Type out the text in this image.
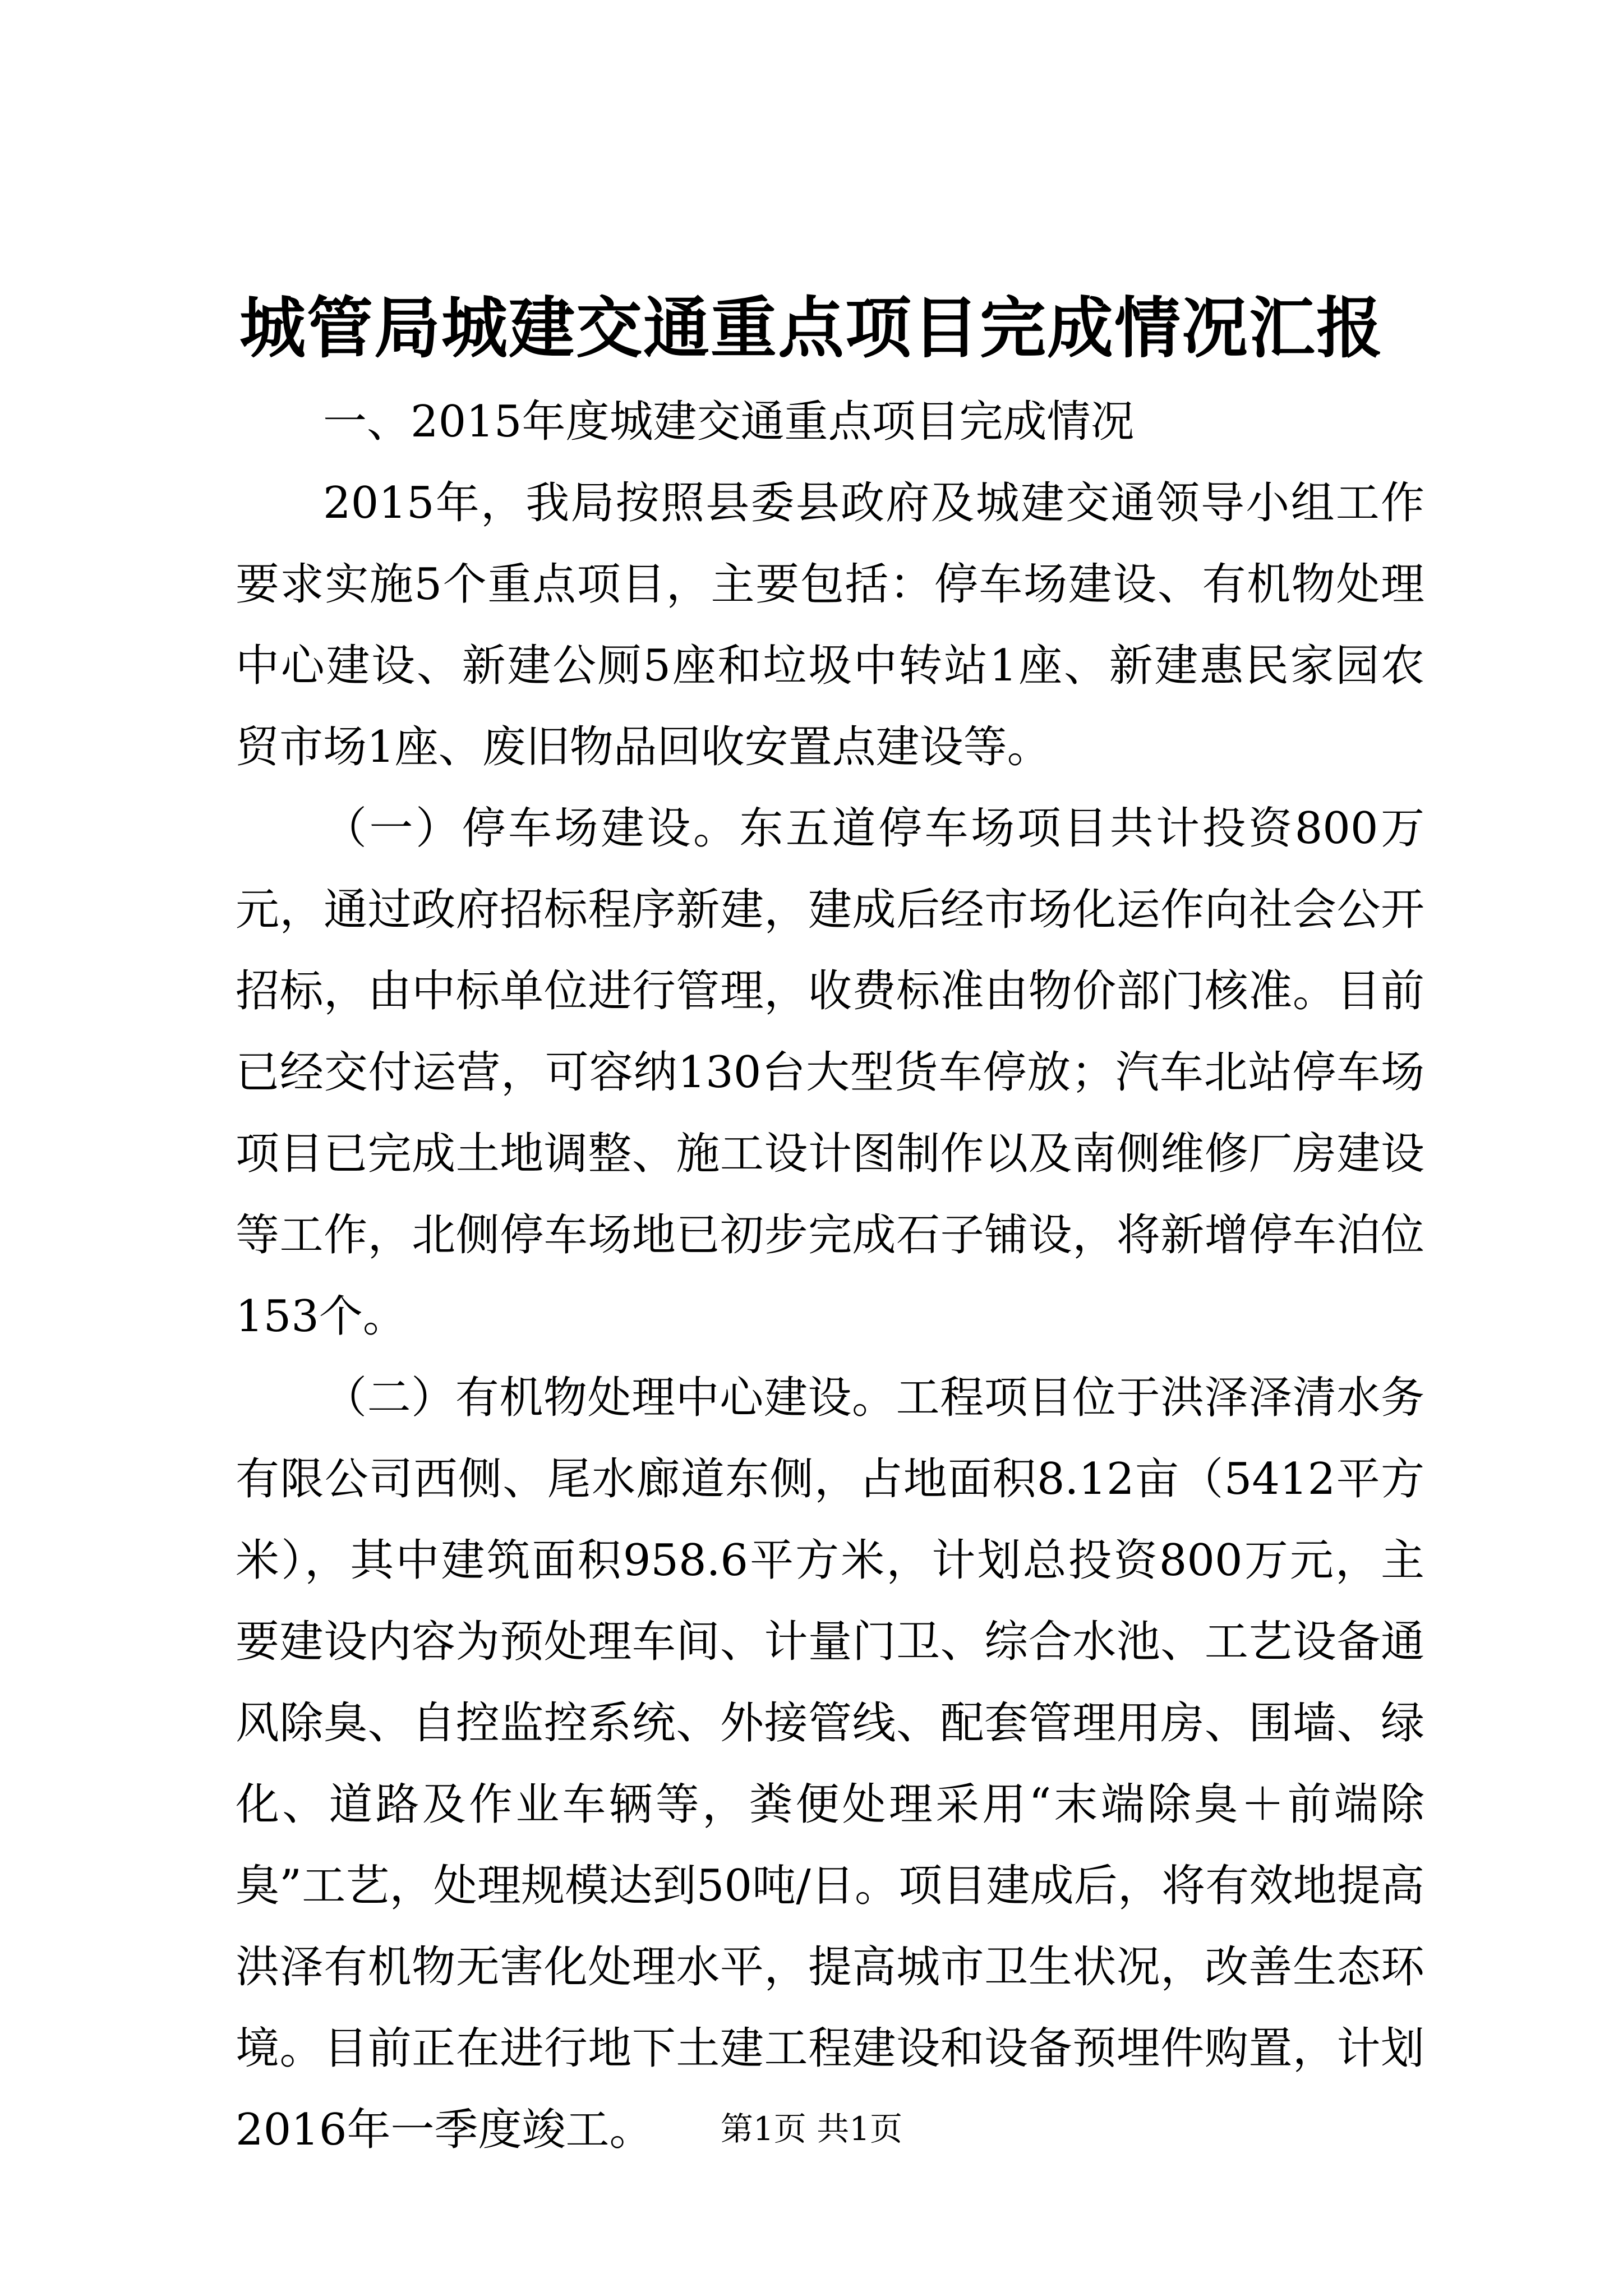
城管局城建交通重点项目完成情况汇报

一、2015年度城建交通重点项目完成情况

2015年，我局按照县委县政府及城建交通领导小组工作要求实施5个重点项目，主要包括：停车场建设、有机物处理中心建设、新建公厕5座和垃圾中转站1座、新建惠民家园农贸市场1座、废旧物品回收安置点建设等。

（一）停车场建设。东五道停车场项目共计投资800万元，通过政府招标程序新建，建成后经市场化运作向社会公开招标，由中标单位进行管理，收费标准由物价部门核准。目前已经交付运营，可容纳130台大型货车停放；汽车北站停车场项目已完成土地调整、施工设计图制作以及南侧维修厂房建设等工作，北侧停车场地已初步完成石子铺设，将新增停车泊位153个。

（二）有机物处理中心建设。工程项目位于洪泽泽清水务有限公司西侧、尾水廊道东侧，占地面积8.12亩（5412平方米），其中建筑面积958.6平方米，计划总投资800万元，主要建设内容为预处理车间、计量门卫、综合水池、工艺设备通风除臭、自控监控系统、外接管线、配套管理用房、围墙、绿化、道路及作业车辆等，粪便处理采用“末端除臭＋前端除臭”工艺，处理规模达到50吨/日。项目建成后，将有效地提高洪泽有机物无害化处理水平，提高城市卫生状况，改善生态环境。目前正在进行地下土建工程建设和设备预埋件购置，计划2016年一季度竣工。	第1页 共1页
